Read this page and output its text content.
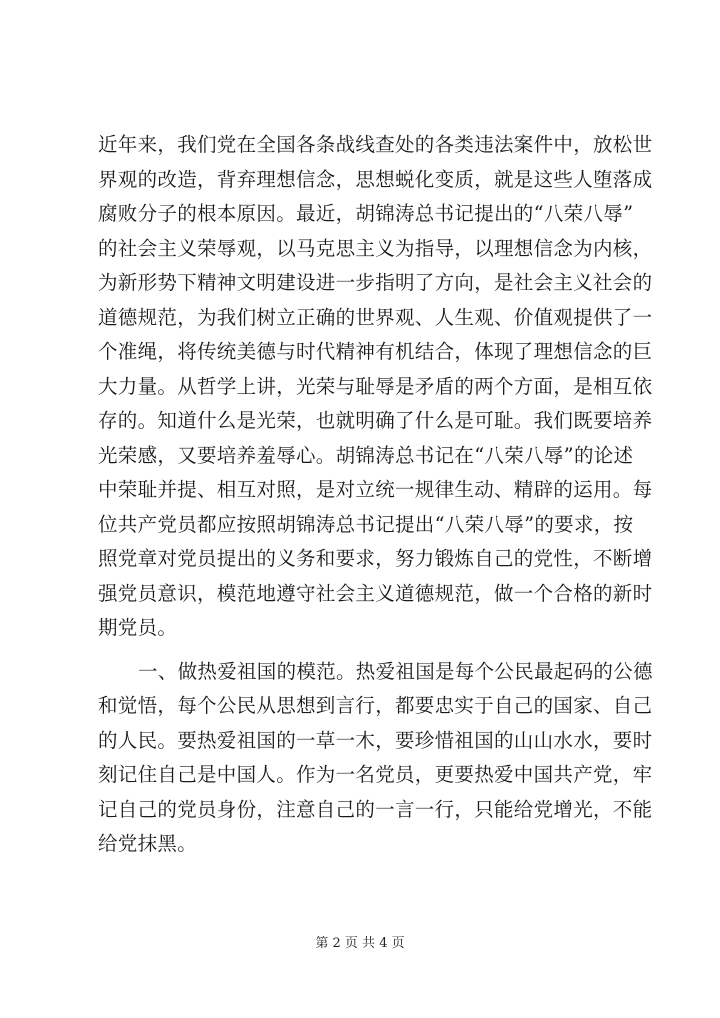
近年来，我们党在全国各条战线查处的各类违法案件中，放松世
界观的改造，背弃理想信念，思想蜕化变质，就是这些人堕落成
腐败分子的根本原因。最近，胡锦涛总书记提出的“八荣八辱”
的社会主义荣辱观，以马克思主义为指导，以理想信念为内核，
为新形势下精神文明建设进一步指明了方向，是社会主义社会的
道德规范，为我们树立正确的世界观、人生观、价值观提供了一
个准绳，将传统美德与时代精神有机结合，体现了理想信念的巨
大力量。从哲学上讲，光荣与耻辱是矛盾的两个方面，是相互依
存的。知道什么是光荣，也就明确了什么是可耻。我们既要培养
光荣感，又要培养羞辱心。胡锦涛总书记在“八荣八辱”的论述
中荣耻并提、相互对照，是对立统一规律生动、精辟的运用。每
位共产党员都应按照胡锦涛总书记提出“八荣八辱”的要求，按
照党章对党员提出的义务和要求，努力锻炼自己的党性，不断增
强党员意识，模范地遵守社会主义道德规范，做一个合格的新时
期党员。
一、做热爱祖国的模范。热爱祖国是每个公民最起码的公德
和觉悟，每个公民从思想到言行，都要忠实于自己的国家、自己
的人民。要热爱祖国的一草一木，要珍惜祖国的山山水水，要时
刻记住自己是中国人。作为一名党员，更要热爱中国共产党，牢
记自己的党员身份，注意自己的一言一行，只能给党增光，不能
给党抹黑。
第 2 页 共 4 页
